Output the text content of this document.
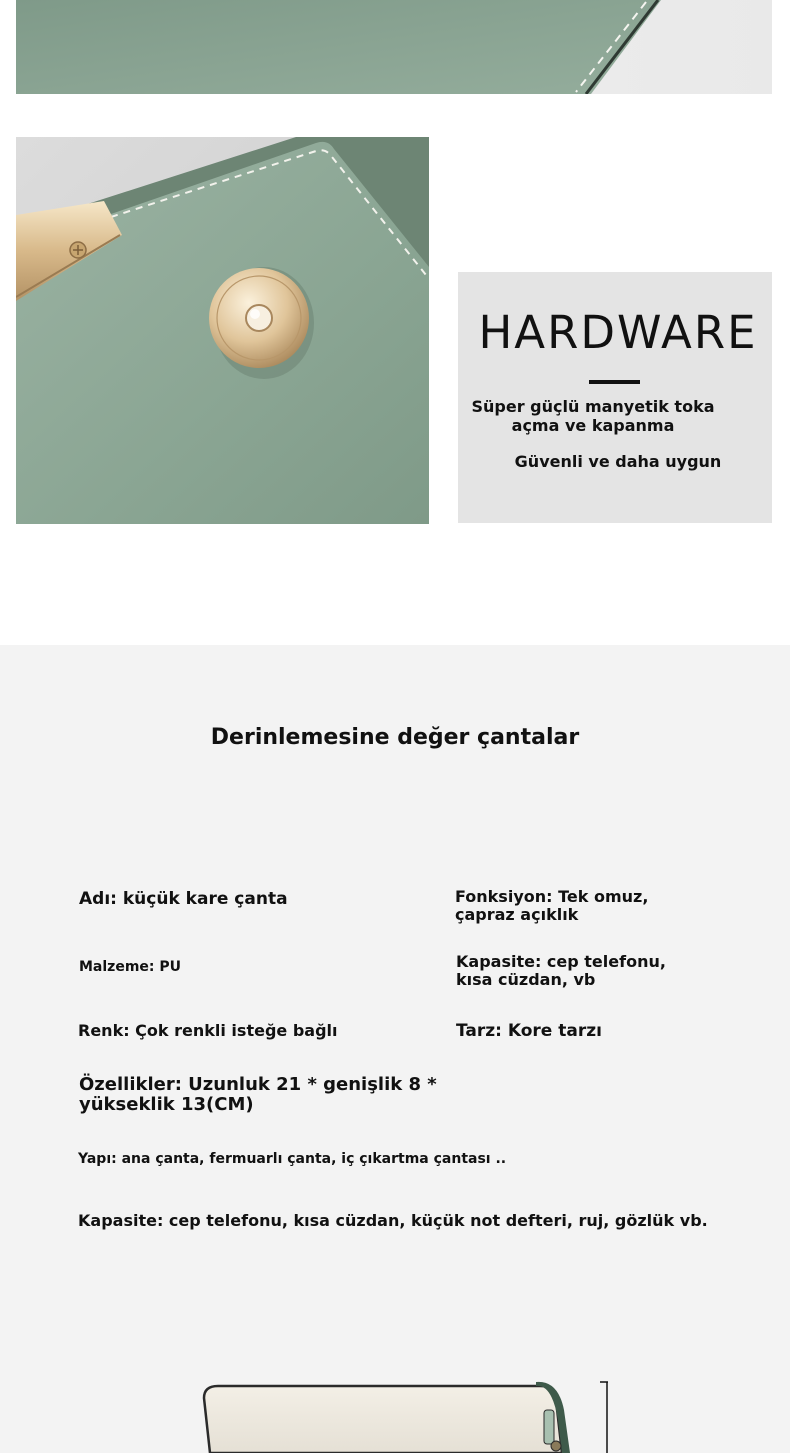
HARDWARE
Süper güçlü manyetik toka açma ve kapanma
Güvenli ve daha uygun
Derinlemesine değer çantalar
Adı: küçük kare çanta	Fonksiyon: Tek omuz, çapraz açıklık
Malzeme: PU	Kapasite: cep telefonu, kısa cüzdan, vb
Renk: Çok renkli isteğe bağlı	Tarz: Kore tarzı
Özellikler: Uzunluk 21 * genişlik 8 * yükseklik 13(CM)
Yapı: ana çanta, fermuarlı çanta, iç çıkartma çantası ..
Kapasite: cep telefonu, kısa cüzdan, küçük not defteri, ruj, gözlük vb.
